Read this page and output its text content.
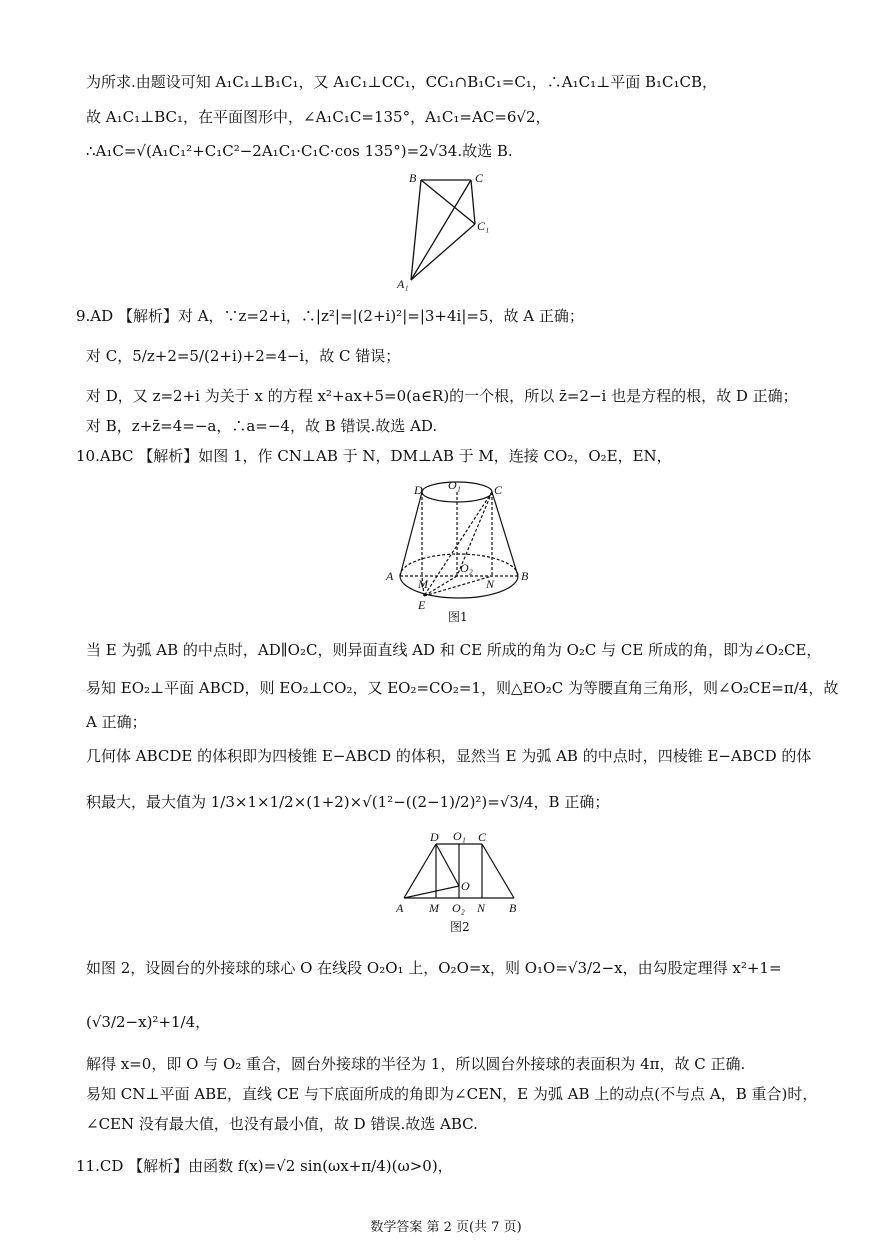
为所求.由题设可知 A₁C₁⊥B₁C₁，又 A₁C₁⊥CC₁，CC₁∩B₁C₁=C₁，∴A₁C₁⊥平面 B₁C₁CB，
故 A₁C₁⊥BC₁，在平面图形中，∠A₁C₁C=135°，A₁C₁=AC=6√2，
∴A₁C=√(A₁C₁²+C₁C²−2A₁C₁·C₁C·cos 135°)=2√34.故选 B.
B	C
C₁
A₁
9.AD 【解析】对 A，∵z=2+i，∴|z²|=|(2+i)²|=|3+4i|=5，故 A 正确；
对 C，5/z+2=5/(2+i)+2=4−i，故 C 错误；
对 D，又 z=2+i 为关于 x 的方程 x²+ax+5=0(a∈R)的一个根，所以 z̄=2−i 也是方程的根，故 D 正确；
对 B，z+z̄=4=−a，∴a=−4，故 B 错误.故选 AD.
10.ABC 【解析】如图 1，作 CN⊥AB 于 N，DM⊥AB 于 M，连接 CO₂，O₂E，EN，
D O₁	C
A	B
M	N
O₂
E
图1
当 E 为弧 AB 的中点时，AD∥O₂C，则异面直线 AD 和 CE 所成的角为 O₂C 与 CE 所成的角，即为∠O₂CE，
易知 EO₂⊥平面 ABCD，则 EO₂⊥CO₂，又 EO₂=CO₂=1，则△EO₂C 为等腰直角三角形，则∠O₂CE=π/4，故
A 正确；
几何体 ABCDE 的体积即为四棱锥 E−ABCD 的体积，显然当 E 为弧 AB 的中点时，四棱锥 E−ABCD 的体
积最大，最大值为 1/3×1×1/2×(1+2)×√(1²−((2−1)/2)²)=√3/4，B 正确；
D O₁ C
O
A M O₂ N B
图2
如图 2，设圆台的外接球的球心 O 在线段 O₂O₁ 上，O₂O=x，则 O₁O=√3/2−x，由勾股定理得 x²+1=
(√3/2−x)²+1/4，
解得 x=0，即 O 与 O₂ 重合，圆台外接球的半径为 1，所以圆台外接球的表面积为 4π，故 C 正确.
易知 CN⊥平面 ABE，直线 CE 与下底面所成的角即为∠CEN，E 为弧 AB 上的动点(不与点 A，B 重合)时，
∠CEN 没有最大值，也没有最小值，故 D 错误.故选 ABC.
11.CD 【解析】由函数 f(x)=√2 sin(ωx+π/4)(ω>0)，
数学答案 第 2 页(共 7 页)
